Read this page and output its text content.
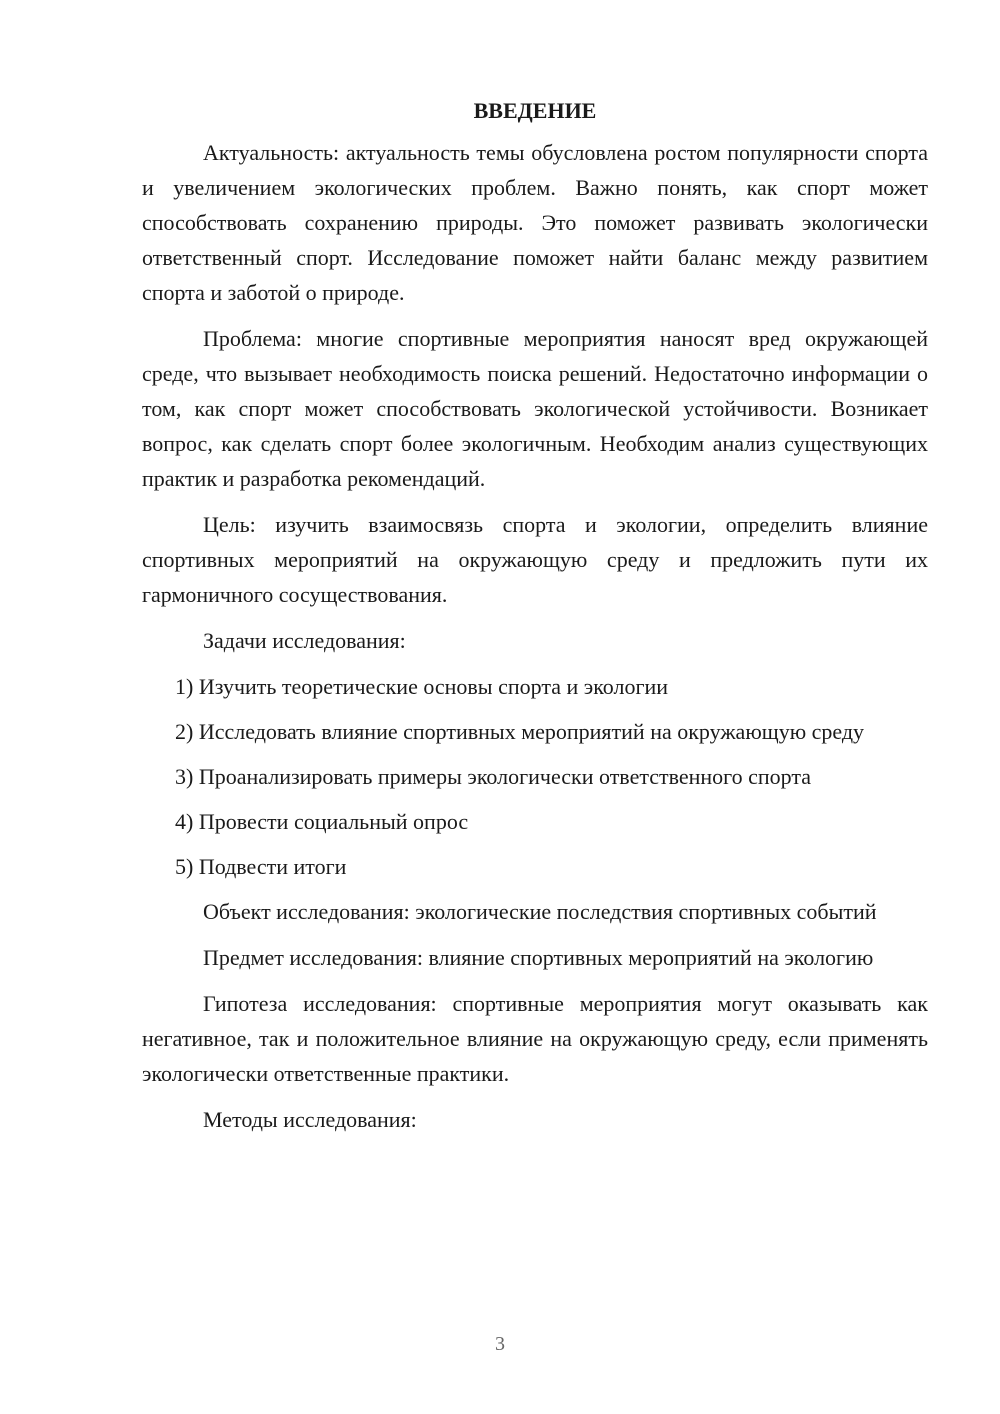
ВВЕДЕНИЕ

Актуальность: актуальность темы обусловлена ростом популярности спорта и увеличением экологических проблем. Важно понять, как спорт может способствовать сохранению природы. Это поможет развивать экологически ответственный спорт. Исследование поможет найти баланс между развитием спорта и заботой о природе.

Проблема: многие спортивные мероприятия наносят вред окружающей среде, что вызывает необходимость поиска решений. Недостаточно информации о том, как спорт может способствовать экологической устойчивости. Возникает вопрос, как сделать спорт более экологичным. Необходим анализ существующих практик и разработка рекомендаций.

Цель: изучить взаимосвязь спорта и экологии, определить влияние спортивных мероприятий на окружающую среду и предложить пути их гармоничного сосуществования.

Задачи исследования:

1) Изучить теоретические основы спорта и экологии

2) Исследовать влияние спортивных мероприятий на окружающую среду

3) Проанализировать примеры экологически ответственного спорта

4) Провести социальный опрос

5) Подвести итоги

Объект исследования: экологические последствия спортивных событий

Предмет исследования: влияние спортивных мероприятий на экологию

Гипотеза исследования: спортивные мероприятия могут оказывать как негативное, так и положительное влияние на окружающую среду, если применять экологически ответственные практики.

Методы исследования:

3
